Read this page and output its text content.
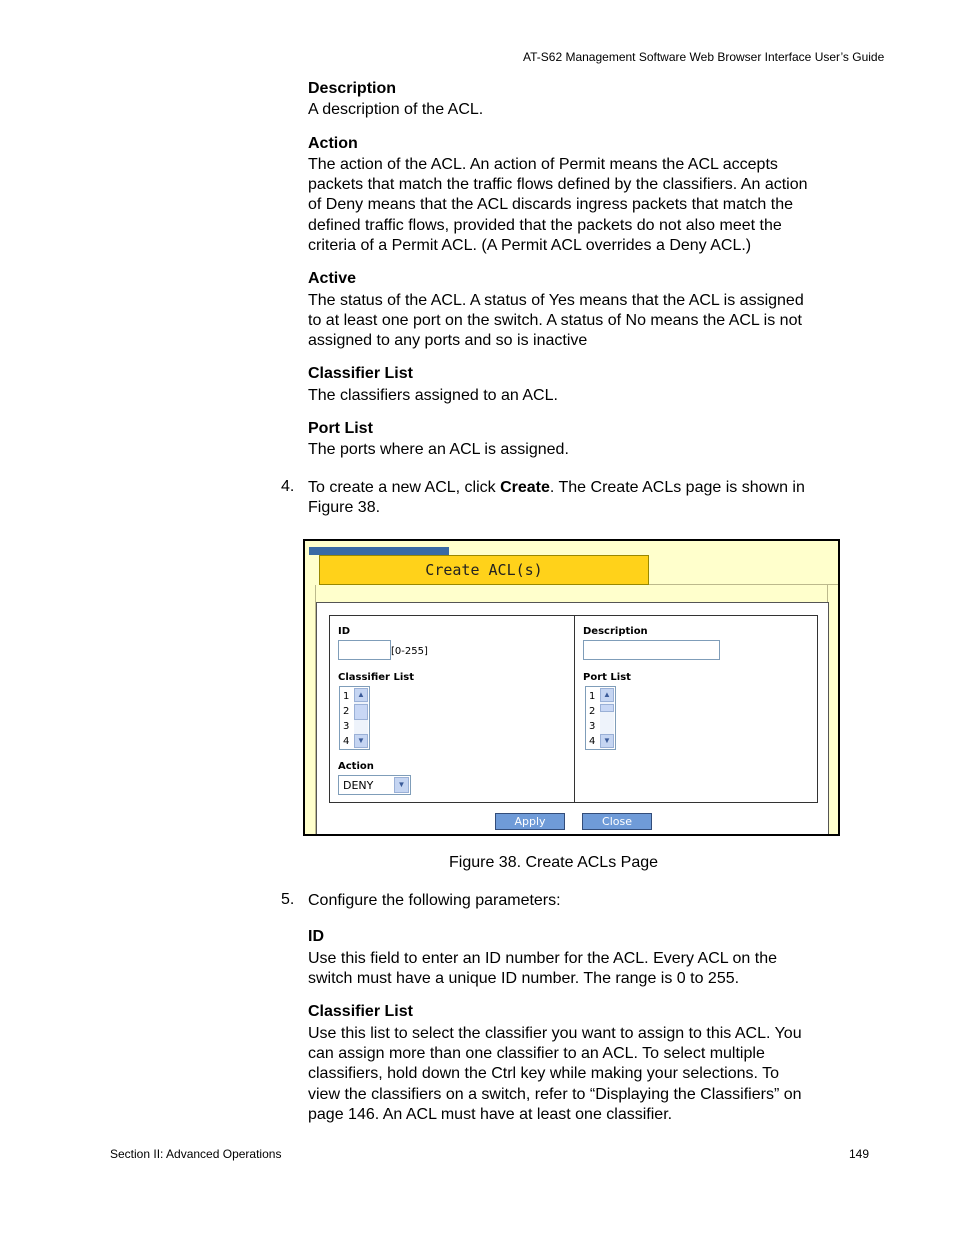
AT-S62 Management Software Web Browser Interface User’s Guide
Description
A description of the ACL.
Action
The action of the ACL. An action of Permit means the ACL accepts
packets that match the traffic flows defined by the classifiers. An action
of Deny means that the ACL discards ingress packets that match the
defined traffic flows, provided that the packets do not also meet the
criteria of a Permit ACL. (A Permit ACL overrides a Deny ACL.)
Active
The status of the ACL. A status of Yes means that the ACL is assigned
to at least one port on the switch. A status of No means the ACL is not
assigned to any ports and so is inactive
Classifier List
The classifiers assigned to an ACL.
Port List
The ports where an ACL is assigned.
4. To create a new ACL, click Create. The Create ACLs page is shown in
Figure 38.
Create ACL(s)
ID
[0-255]
Classifier List
1
2
3
4
▲
▼
Action
DENY	▼
Description
Port List
1
2
3
4
▲
▼
Apply	Close
Figure 38. Create ACLs Page
5. Configure the following parameters:
ID
Use this field to enter an ID number for the ACL. Every ACL on the
switch must have a unique ID number. The range is 0 to 255.
Classifier List
Use this list to select the classifier you want to assign to this ACL. You
can assign more than one classifier to an ACL. To select multiple
classifiers, hold down the Ctrl key while making your selections. To
view the classifiers on a switch, refer to “Displaying the Classifiers” on
page 146. An ACL must have at least one classifier.
Section II: Advanced Operations	149
